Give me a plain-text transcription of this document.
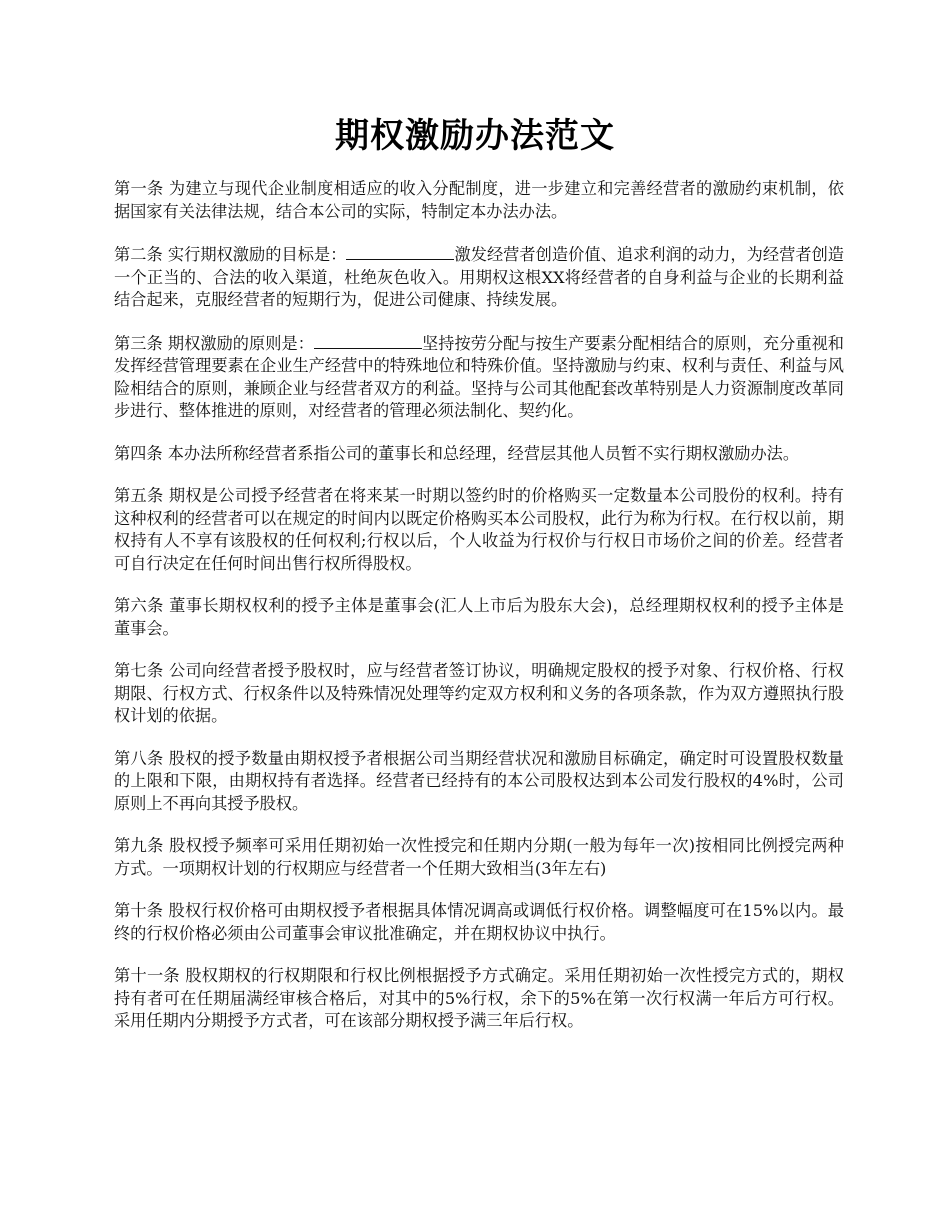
期权激励办法范文

第一条 为建立与现代企业制度相适应的收入分配制度，进一步建立和完善经营者的激励约束机制，依据国家有关法律法规，结合本公司的实际，特制定本办法办法。

第二条 实行期权激励的目标是：	激发经营者创造价值、追求利润的动力，为经营者创造一个正当的、合法的收入渠道，杜绝灰色收入。用期权这根XX将经营者的自身利益与企业的长期利益结合起来，克服经营者的短期行为，促进公司健康、持续发展。

第三条 期权激励的原则是：	坚持按劳分配与按生产要素分配相结合的原则，充分重视和发挥经营管理要素在企业生产经营中的特殊地位和特殊价值。坚持激励与约束、权利与责任、利益与风险相结合的原则，兼顾企业与经营者双方的利益。坚持与公司其他配套改革特别是人力资源制度改革同步进行、整体推进的原则，对经营者的管理必须法制化、契约化。

第四条 本办法所称经营者系指公司的董事长和总经理，经营层其他人员暂不实行期权激励办法。

第五条 期权是公司授予经营者在将来某一时期以签约时的价格购买一定数量本公司股份的权利。持有这种权利的经营者可以在规定的时间内以既定价格购买本公司股权，此行为称为行权。在行权以前，期权持有人不享有该股权的任何权利;行权以后，个人收益为行权价与行权日市场价之间的价差。经营者可自行决定在任何时间出售行权所得股权。

第六条 董事长期权权利的授予主体是董事会(汇人上市后为股东大会)，总经理期权权利的授予主体是董事会。

第七条 公司向经营者授予股权时，应与经营者签订协议，明确规定股权的授予对象、行权价格、行权期限、行权方式、行权条件以及特殊情况处理等约定双方权利和义务的各项条款，作为双方遵照执行股权计划的依据。

第八条 股权的授予数量由期权授予者根据公司当期经营状况和激励目标确定，确定时可设置股权数量的上限和下限，由期权持有者选择。经营者已经持有的本公司股权达到本公司发行股权的4%时，公司原则上不再向其授予股权。

第九条 股权授予频率可采用任期初始一次性授完和任期内分期(一般为每年一次)按相同比例授完两种方式。一项期权计划的行权期应与经营者一个任期大致相当(3年左右)

第十条 股权行权价格可由期权授予者根据具体情况调高或调低行权价格。调整幅度可在15%以内。最终的行权价格必须由公司董事会审议批准确定，并在期权协议中执行。

第十一条 股权期权的行权期限和行权比例根据授予方式确定。采用任期初始一次性授完方式的，期权持有者可在任期届满经审核合格后，对其中的5%行权，余下的5%在第一次行权满一年后方可行权。采用任期内分期授予方式者，可在该部分期权授予满三年后行权。
